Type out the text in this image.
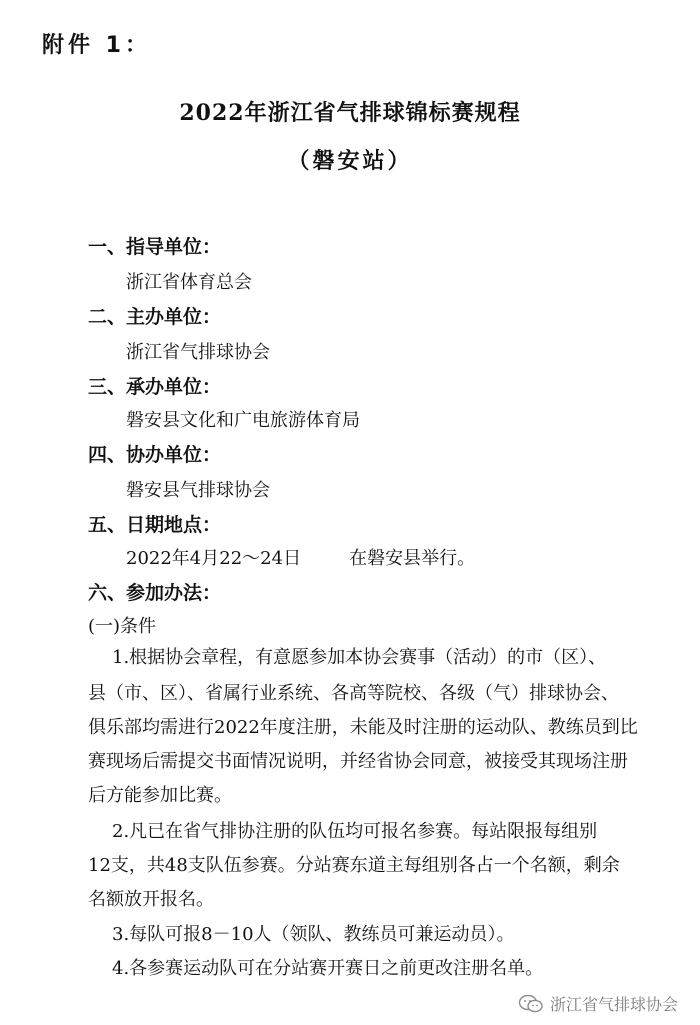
附件 1：
2022年浙江省气排球锦标赛规程
（磐安站）
一、指导单位：
浙江省体育总会
二、主办单位：
浙江省气排球协会
三、承办单位：
磐安县文化和广电旅游体育局
四、协办单位：
磐安县气排球协会
五、日期地点：
2022年4月22～24日	在磐安县举行。
六、参加办法：
(一)条件
1.根据协会章程，有意愿参加本协会赛事（活动）的市（区）、
县（市、区）、省属行业系统、各高等院校、各级（气）排球协会、
俱乐部均需进行2022年度注册，未能及时注册的运动队、教练员到比
赛现场后需提交书面情况说明，并经省协会同意，被接受其现场注册
后方能参加比赛。
2.凡已在省气排协注册的队伍均可报名参赛。每站限报每组别
12支，共48支队伍参赛。分站赛东道主每组别各占一个名额，剩余
名额放开报名。
3.每队可报8－10人（领队、教练员可兼运动员）。
4.各参赛运动队可在分站赛开赛日之前更改注册名单。
浙江省气排球协会
